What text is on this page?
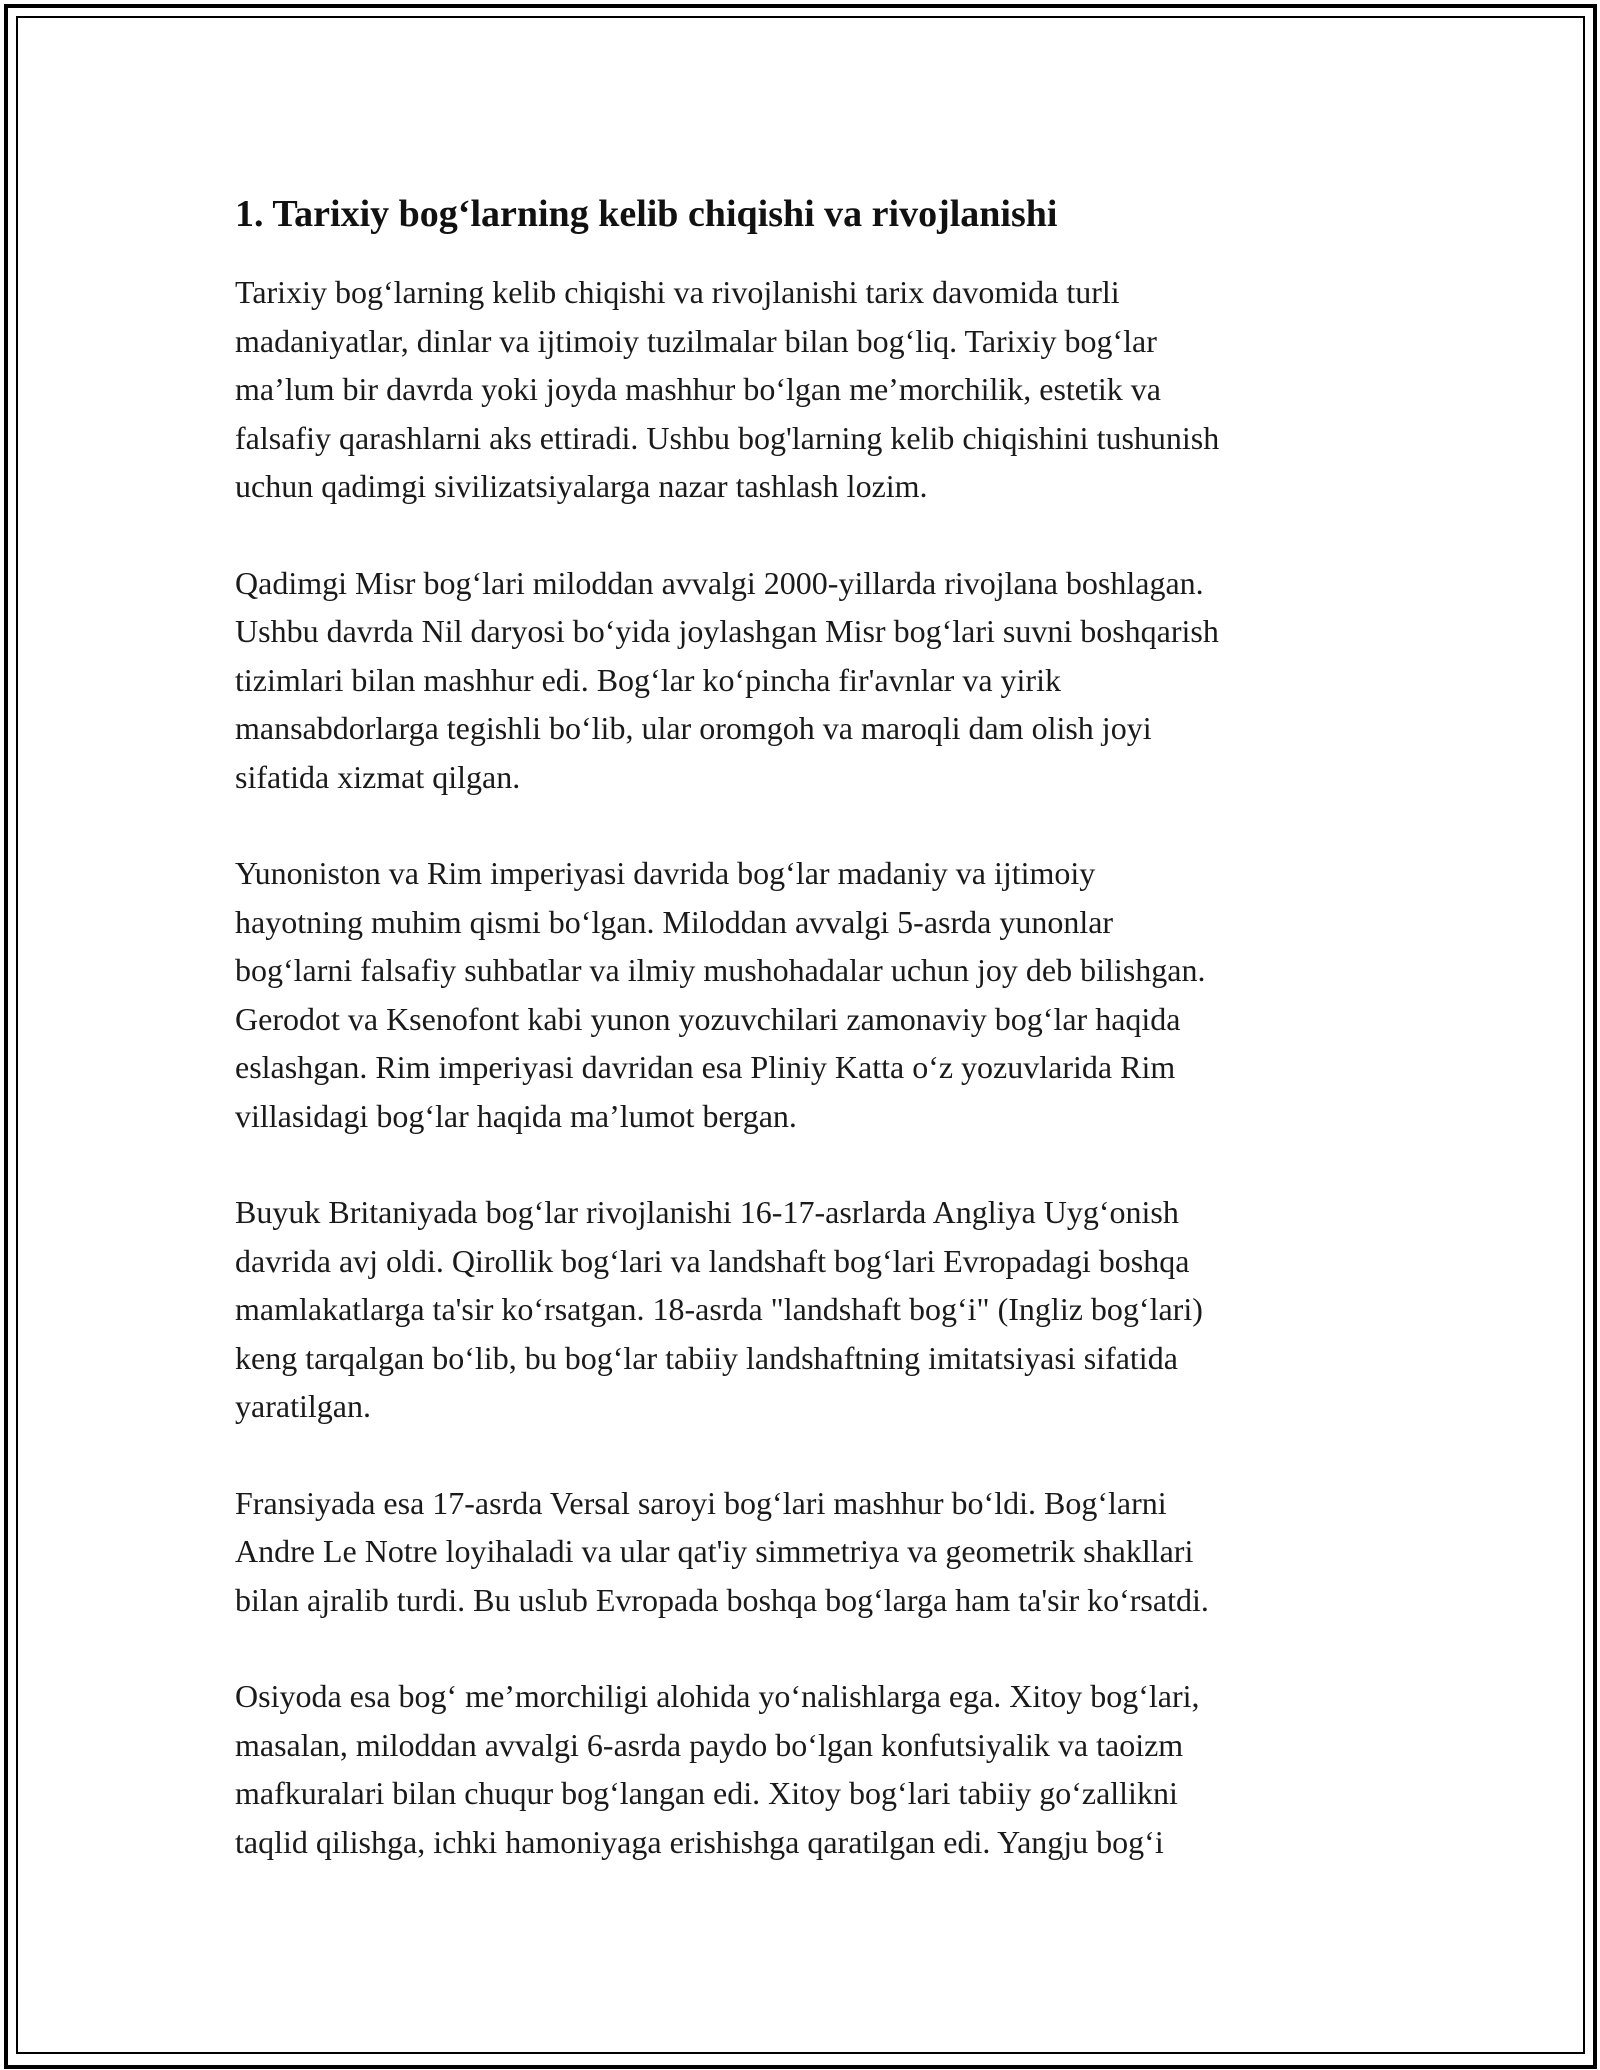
1. Tarixiy bog‘larning kelib chiqishi va rivojlanishi

Tarixiy bog‘larning kelib chiqishi va rivojlanishi tarix davomida turli
madaniyatlar, dinlar va ijtimoiy tuzilmalar bilan bog‘liq. Tarixiy bog‘lar
ma’lum bir davrda yoki joyda mashhur bo‘lgan me’morchilik, estetik va
falsafiy qarashlarni aks ettiradi. Ushbu bog'larning kelib chiqishini tushunish
uchun qadimgi sivilizatsiyalarga nazar tashlash lozim.

Qadimgi Misr bog‘lari miloddan avvalgi 2000-yillarda rivojlana boshlagan.
Ushbu davrda Nil daryosi bo‘yida joylashgan Misr bog‘lari suvni boshqarish
tizimlari bilan mashhur edi. Bog‘lar ko‘pincha fir'avnlar va yirik
mansabdorlarga tegishli bo‘lib, ular oromgoh va maroqli dam olish joyi
sifatida xizmat qilgan.

Yunoniston va Rim imperiyasi davrida bog‘lar madaniy va ijtimoiy
hayotning muhim qismi bo‘lgan. Miloddan avvalgi 5-asrda yunonlar
bog‘larni falsafiy suhbatlar va ilmiy mushohadalar uchun joy deb bilishgan.
Gerodot va Ksenofont kabi yunon yozuvchilari zamonaviy bog‘lar haqida
eslashgan. Rim imperiyasi davridan esa Pliniy Katta o‘z yozuvlarida Rim
villasidagi bog‘lar haqida ma’lumot bergan.

Buyuk Britaniyada bog‘lar rivojlanishi 16-17-asrlarda Angliya Uyg‘onish
davrida avj oldi. Qirollik bog‘lari va landshaft bog‘lari Evropadagi boshqa
mamlakatlarga ta'sir ko‘rsatgan. 18-asrda "landshaft bog‘i" (Ingliz bog‘lari)
keng tarqalgan bo‘lib, bu bog‘lar tabiiy landshaftning imitatsiyasi sifatida
yaratilgan.

Fransiyada esa 17-asrda Versal saroyi bog‘lari mashhur bo‘ldi. Bog‘larni
Andre Le Notre loyihaladi va ular qat'iy simmetriya va geometrik shakllari
bilan ajralib turdi. Bu uslub Evropada boshqa bog‘larga ham ta'sir ko‘rsatdi.

Osiyoda esa bog‘ me’morchiligi alohida yo‘nalishlarga ega. Xitoy bog‘lari,
masalan, miloddan avvalgi 6-asrda paydo bo‘lgan konfutsiyalik va taoizm
mafkuralari bilan chuqur bog‘langan edi. Xitoy bog‘lari tabiiy go‘zallikni
taqlid qilishga, ichki hamoniyaga erishishga qaratilgan edi. Yangju bog‘i
